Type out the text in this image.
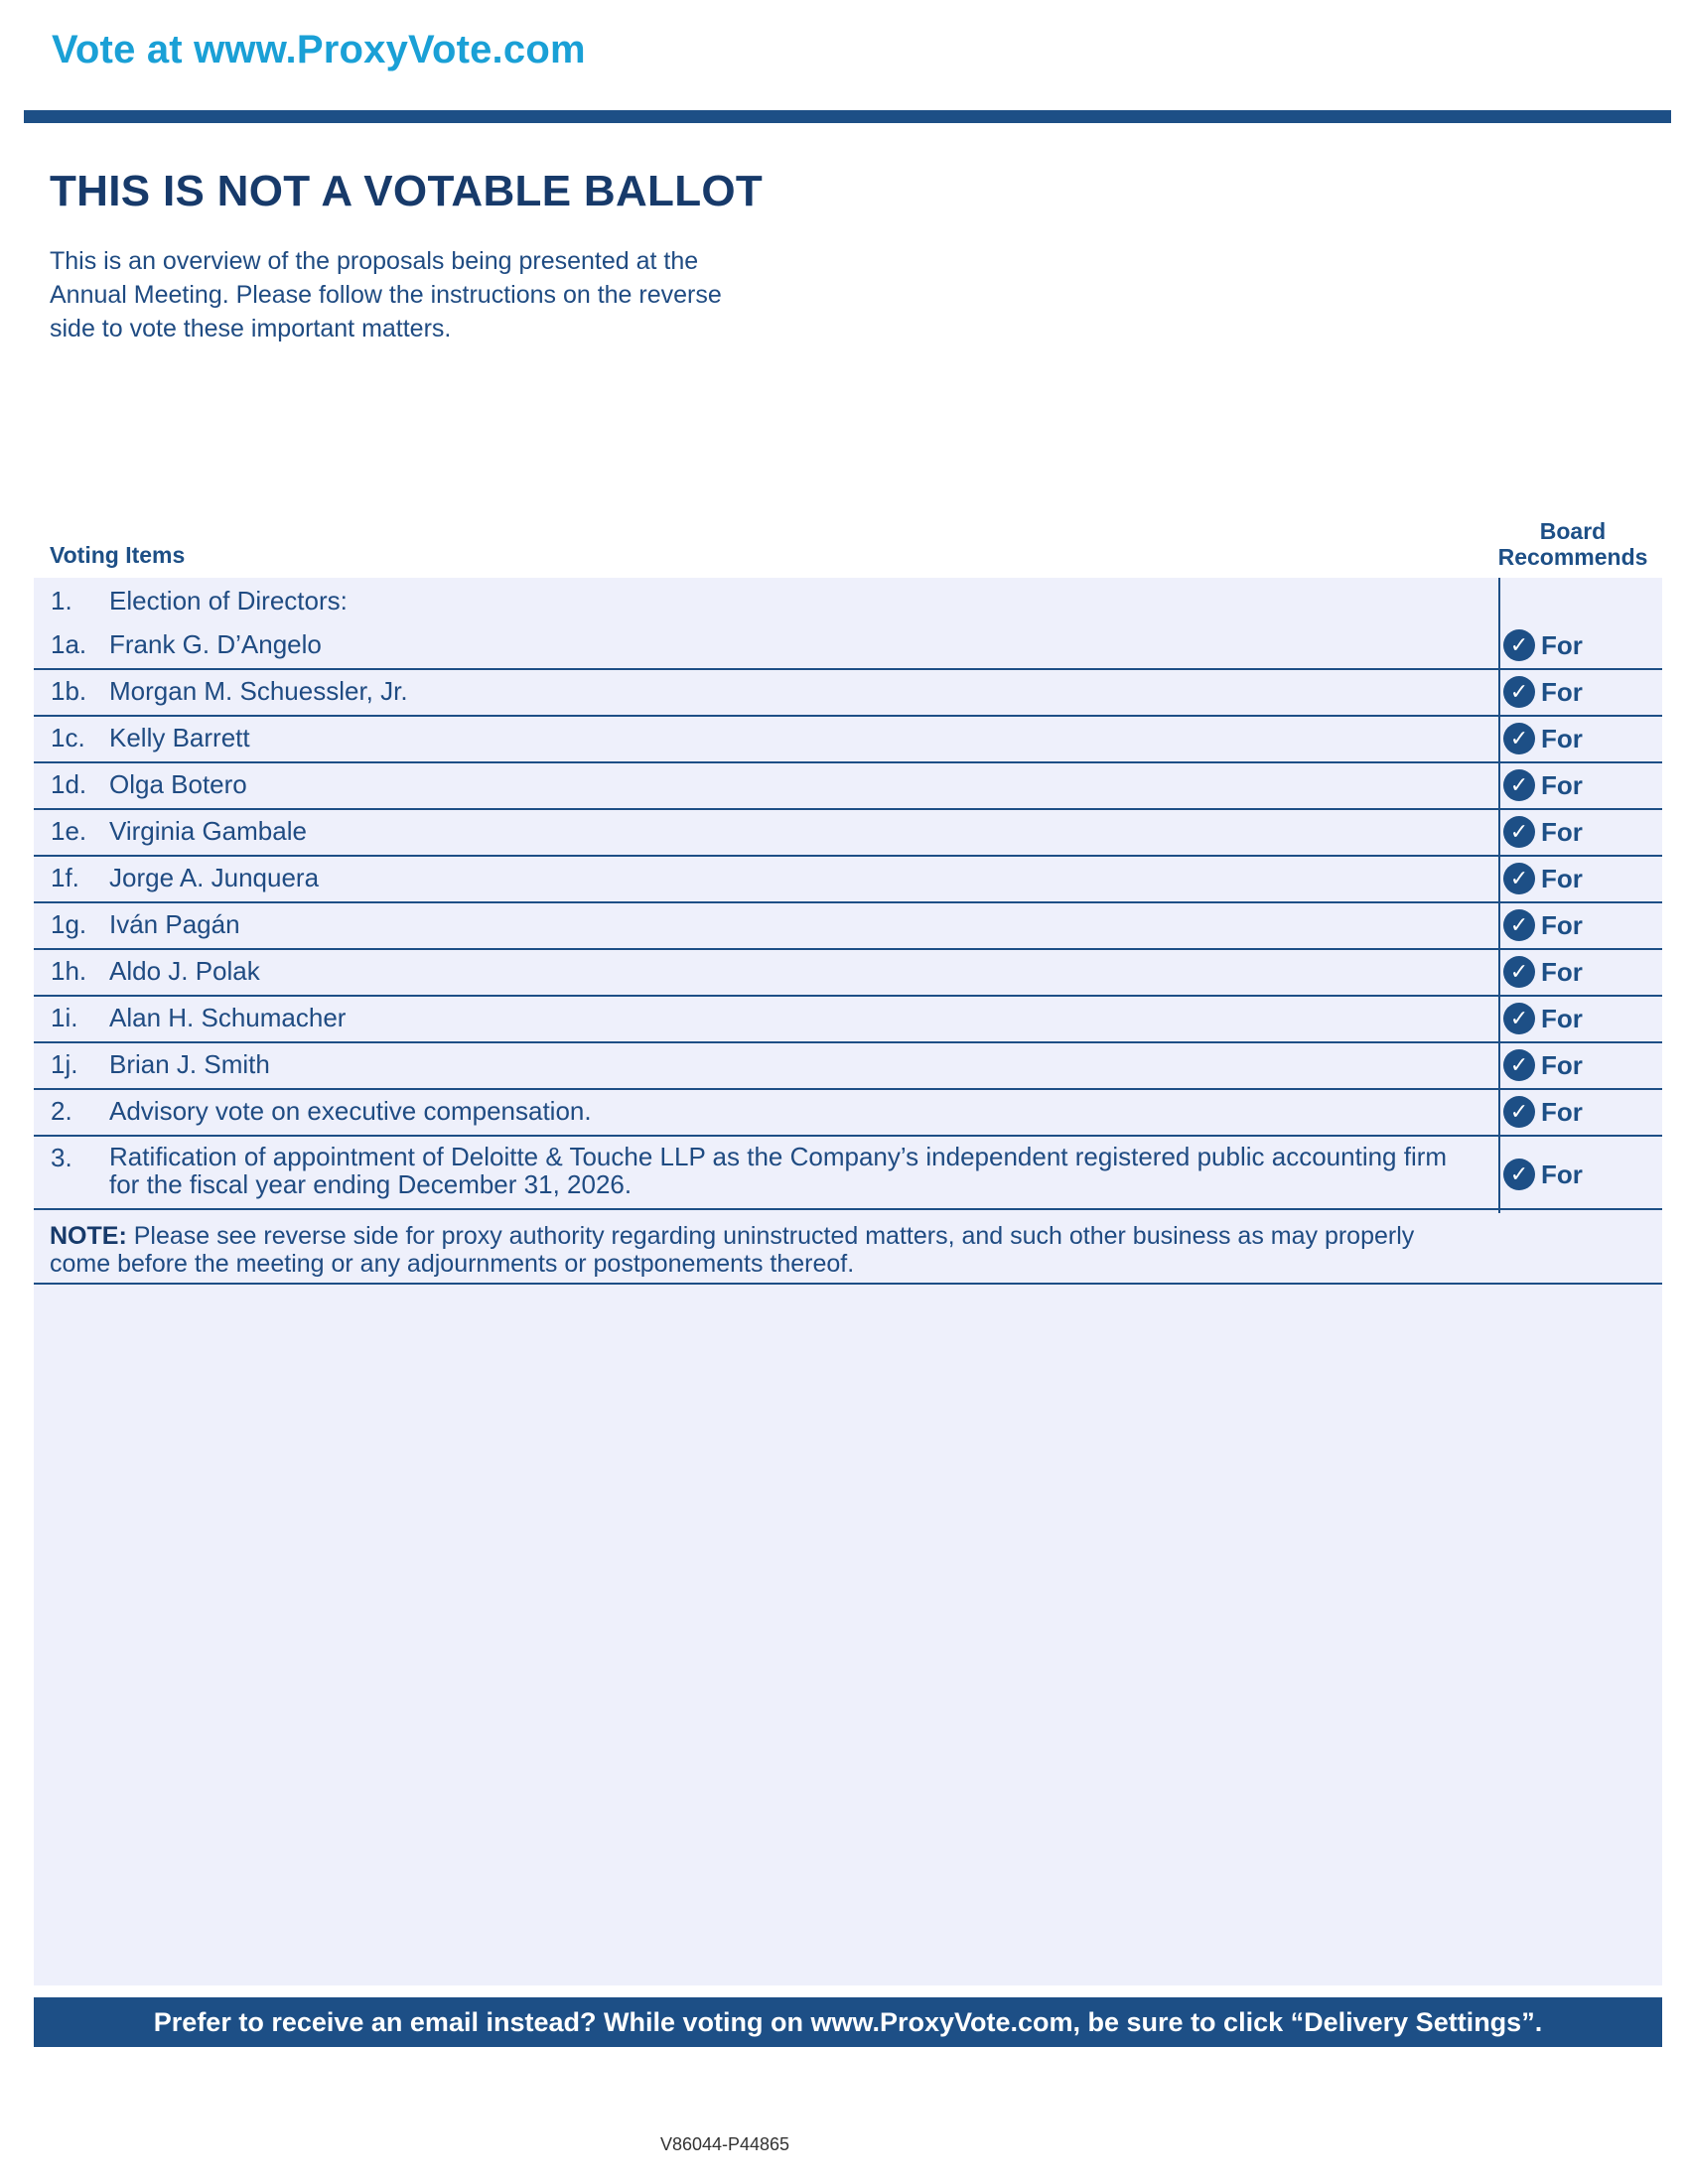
Vote at www.ProxyVote.com
THIS IS NOT A VOTABLE BALLOT
This is an overview of the proposals being presented at the
Annual Meeting. Please follow the instructions on the reverse
side to vote these important matters.
Voting Items
Board
Recommends
1. Election of Directors:
1a. Frank G. D’Angelo	✓ For
1b. Morgan M. Schuessler, Jr.	✓ For
1c. Kelly Barrett	✓ For
1d. Olga Botero	✓ For
1e. Virginia Gambale	✓ For
1f. Jorge A. Junquera	✓ For
1g. Iván Pagán	✓ For
1h. Aldo J. Polak	✓ For
1i. Alan H. Schumacher	✓ For
1j. Brian J. Smith	✓ For
2. Advisory vote on executive compensation.	✓ For
3. Ratification of appointment of Deloitte & Touche LLP as the Company’s independent registered public accounting firm
for the fiscal year ending December 31, 2026.	✓ For
NOTE: Please see reverse side for proxy authority regarding uninstructed matters, and such other business as may properly
come before the meeting or any adjournments or postponements thereof.
Prefer to receive an email instead? While voting on www.ProxyVote.com, be sure to click “Delivery Settings”.
V86044-P44865
